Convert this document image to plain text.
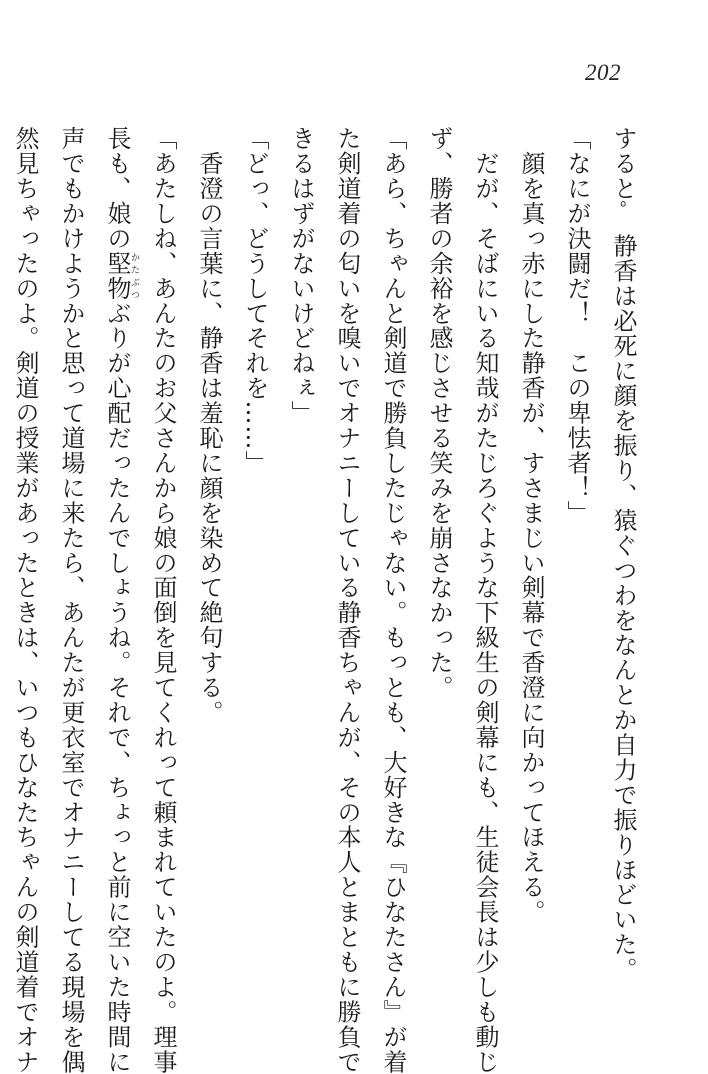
202
するとﾟ 静香は必死に顔を振り、猿ぐつわをなんとか自力で振りほどいた。
「なにが決闘だ！　この卑怯者！」
　顔を真っ赤にした静香が、すさまじい剣幕で香澄に向かってほえる。
　だが、そばにいる知哉がたじろぐような下級生の剣幕にも、生徒会長は少しも動じ
ず、勝者の余裕を感じさせる笑みを崩さなかった。
「あら、ちゃんと剣道で勝負したじゃない。もっとも、大好きな『ひなたさん』が着
た剣道着の匂いを嗅いでオナニーしている静香ちゃんが、その本人とまともに勝負で
きるはずがないけどねぇ」
「どっ、どうしてそれを……」
　香澄の言葉に、静香は羞恥に顔を染めて絶句する。
「あたしね、あんたのお父さんから娘の面倒を見てくれって頼まれていたのよ。理事
長も、娘の堅物かたぶつぶりが心配だったんでしょうね。それで、ちょっと前に空いた時間に
声でもかけようかと思って道場に来たら、あんたが更衣室でオナニーしてる現場を偶
然見ちゃったのよ。剣道の授業があったときは、いつもひなたちゃんの剣道着でオナ
